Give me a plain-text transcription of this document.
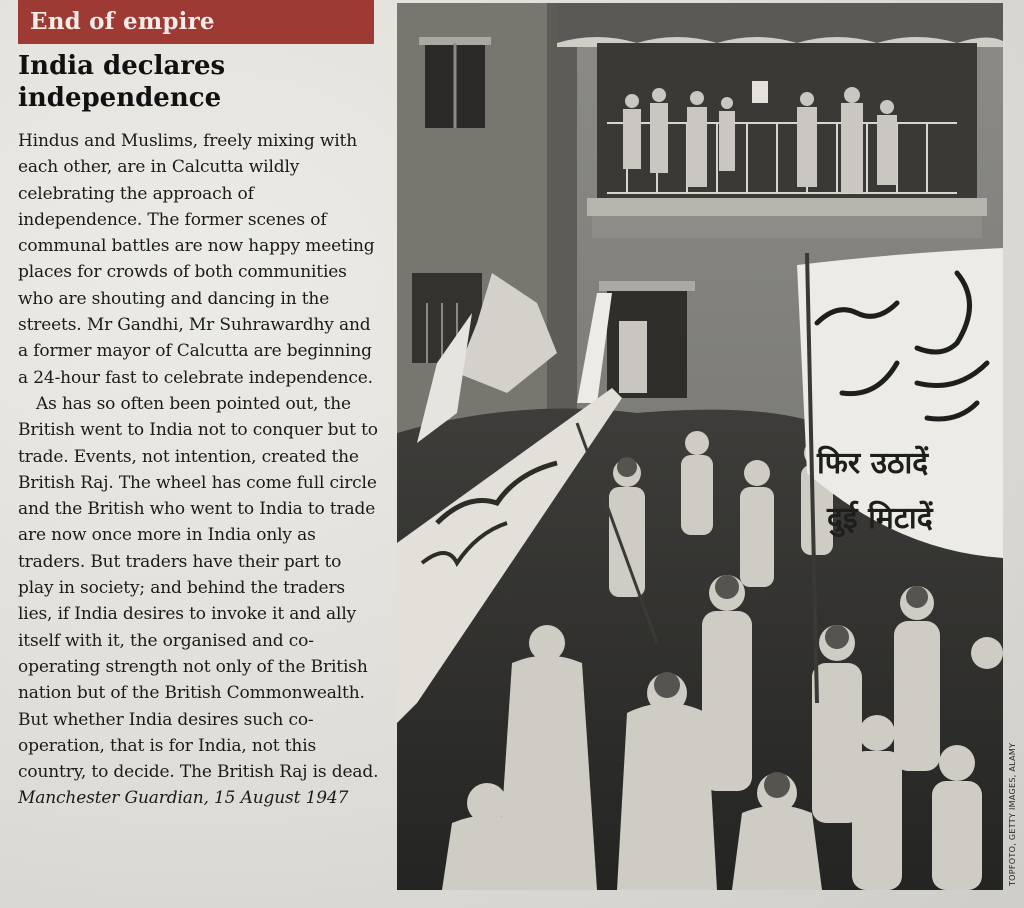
End of empire
India declares
independence

Hindus and Muslims, freely mixing with each other, are in Calcutta wildly celebrating the approach of independence. The former scenes of communal battles are now happy meeting places for crowds of both communities who are shouting and dancing in the streets. Mr Gandhi, Mr Suhrawardhy and a former mayor of Calcutta are beginning a 24-hour fast to celebrate independence.

As has so often been pointed out, the British went to India not to conquer but to trade. Events, not intention, created the British Raj. The wheel has come full circle and the British who went to India to trade are now once more in India only as traders. But traders have their part to play in society; and behind the traders lies, if India desires to invoke it and ally itself with it, the organised and co-operating strength not only of the British nation but of the British Commonwealth. But whether India desires such co-operation, that is for India, not this country, to decide. The British Raj is dead.

Manchester Guardian, 15 August 1947

फिर उठादें
दुई मिटादें
TOPFOTO, GETTY IMAGES, ALAMY
